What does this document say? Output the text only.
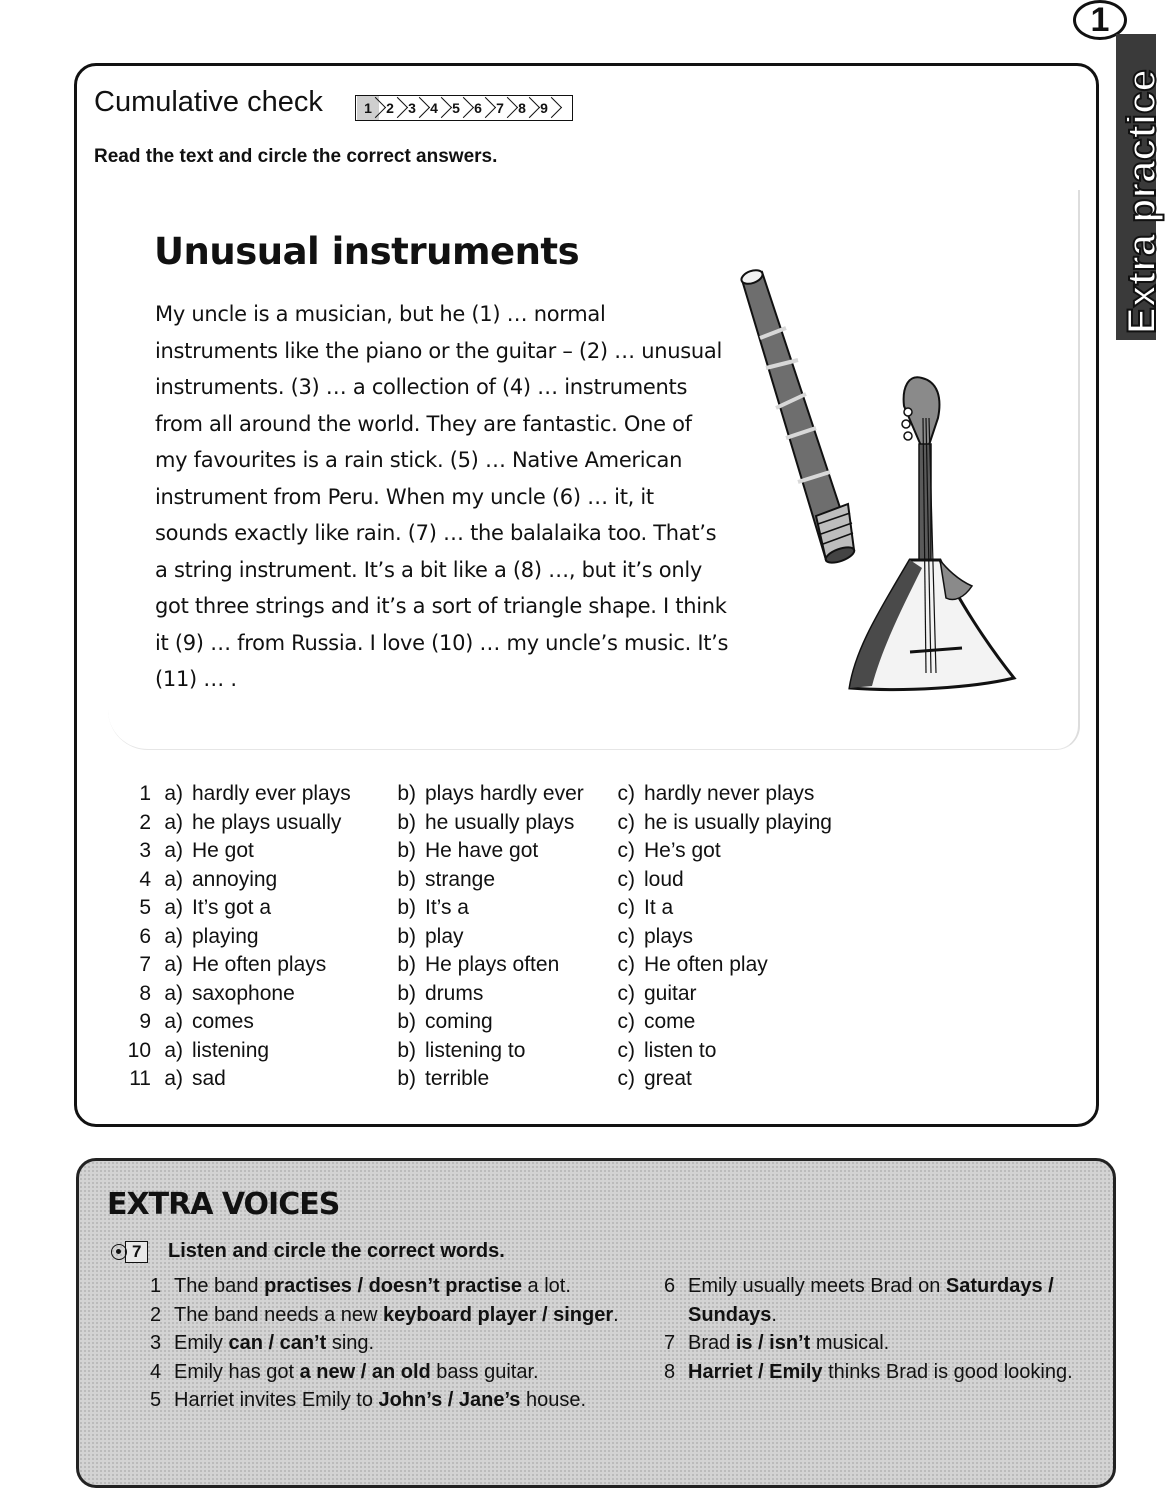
1
Extra practice
Cumulative check	1	2	3	4	5	6	7	8	9
Read the text and circle the correct answers.
Unusual instruments
My uncle is a musician, but he (1) … normal
instruments like the piano or the guitar – (2) … unusual
instruments. (3) … a collection of (4) … instruments
from all around the world. They are fantastic. One of
my favourites is a rain stick. (5) … Native American
instrument from Peru. When my uncle (6) … it, it
sounds exactly like rain. (7) … the balalaika too. That’s
a string instrument. It’s a bit like a (8) …, but it’s only
got three strings and it’s a sort of triangle shape. I think
it (9) … from Russia. I love (10) … my uncle’s music. It’s
(11) … .
1 a) hardly ever plays	b) plays hardly ever	c) hardly never plays
2 a) he plays usually	b) he usually plays	c) he is usually playing
3 a) He got	b) He have got	c) He’s got
4 a) annoying	b) strange	c) loud
5 a) It’s got a	b) It’s a	c) It a
6 a) playing	b) play	c) plays
7 a) He often plays	b) He plays often	c) He often play
8 a) saxophone	b) drums	c) guitar
9 a) comes	b) coming	c) come
10 a) listening	b) listening to	c) listen to
11 a) sad	b) terrible	c) great
EXTRA VOICES
7	Listen and circle the correct words.
1 The band practises / doesn’t practise a lot.
2 The band needs a new keyboard player / singer.
3 Emily can / can’t sing.
4 Emily has got a new / an old bass guitar.
5 Harriet invites Emily to John’s / Jane’s house.
6 Emily usually meets Brad on Saturdays / Sundays.
7 Brad is / isn’t musical.
8 Harriet / Emily thinks Brad is good looking.
